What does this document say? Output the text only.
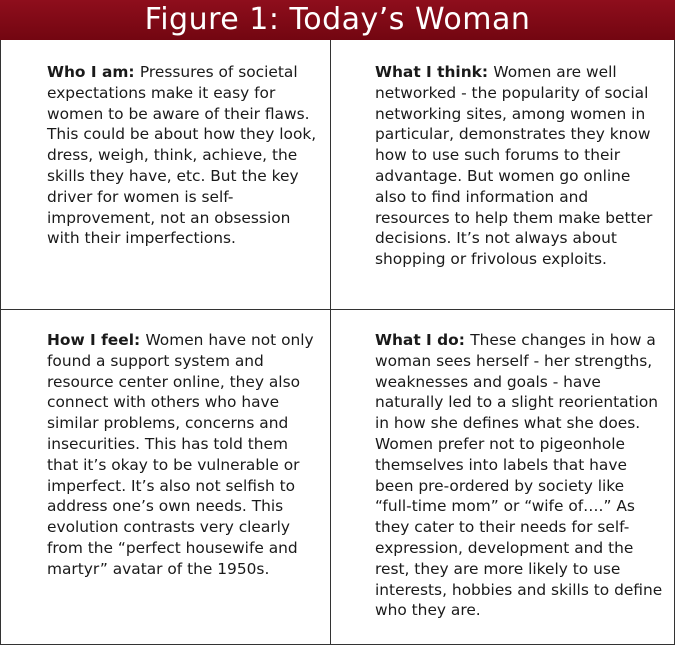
Figure 1: Today’s Woman
Who I am: Pressures of societal expectations make it easy for women to be aware of their flaws. This could be about how they look, dress, weigh, think, achieve, the skills they have, etc. But the key driver for women is self-improvement, not an obsession with their imperfections.
What I think: Women are well networked - the popularity of social networking sites, among women in particular, demonstrates they know how to use such forums to their advantage. But women go online also to find information and resources to help them make better decisions. It’s not always about shopping or frivolous exploits.
How I feel: Women have not only found a support system and resource center online, they also connect with others who have similar problems, concerns and insecurities. This has told them that it’s okay to be vulnerable or imperfect. It’s also not selfish to address one’s own needs. This evolution contrasts very clearly from the “perfect housewife and martyr” avatar of the 1950s.
What I do: These changes in how a woman sees herself - her strengths, weaknesses and goals - have naturally led to a slight reorientation in how she defines what she does. Women prefer not to pigeonhole themselves into labels that have been pre-ordered by society like “full-time mom” or “wife of….” As they cater to their needs for self-expression, development and the rest, they are more likely to use interests, hobbies and skills to define who they are.
